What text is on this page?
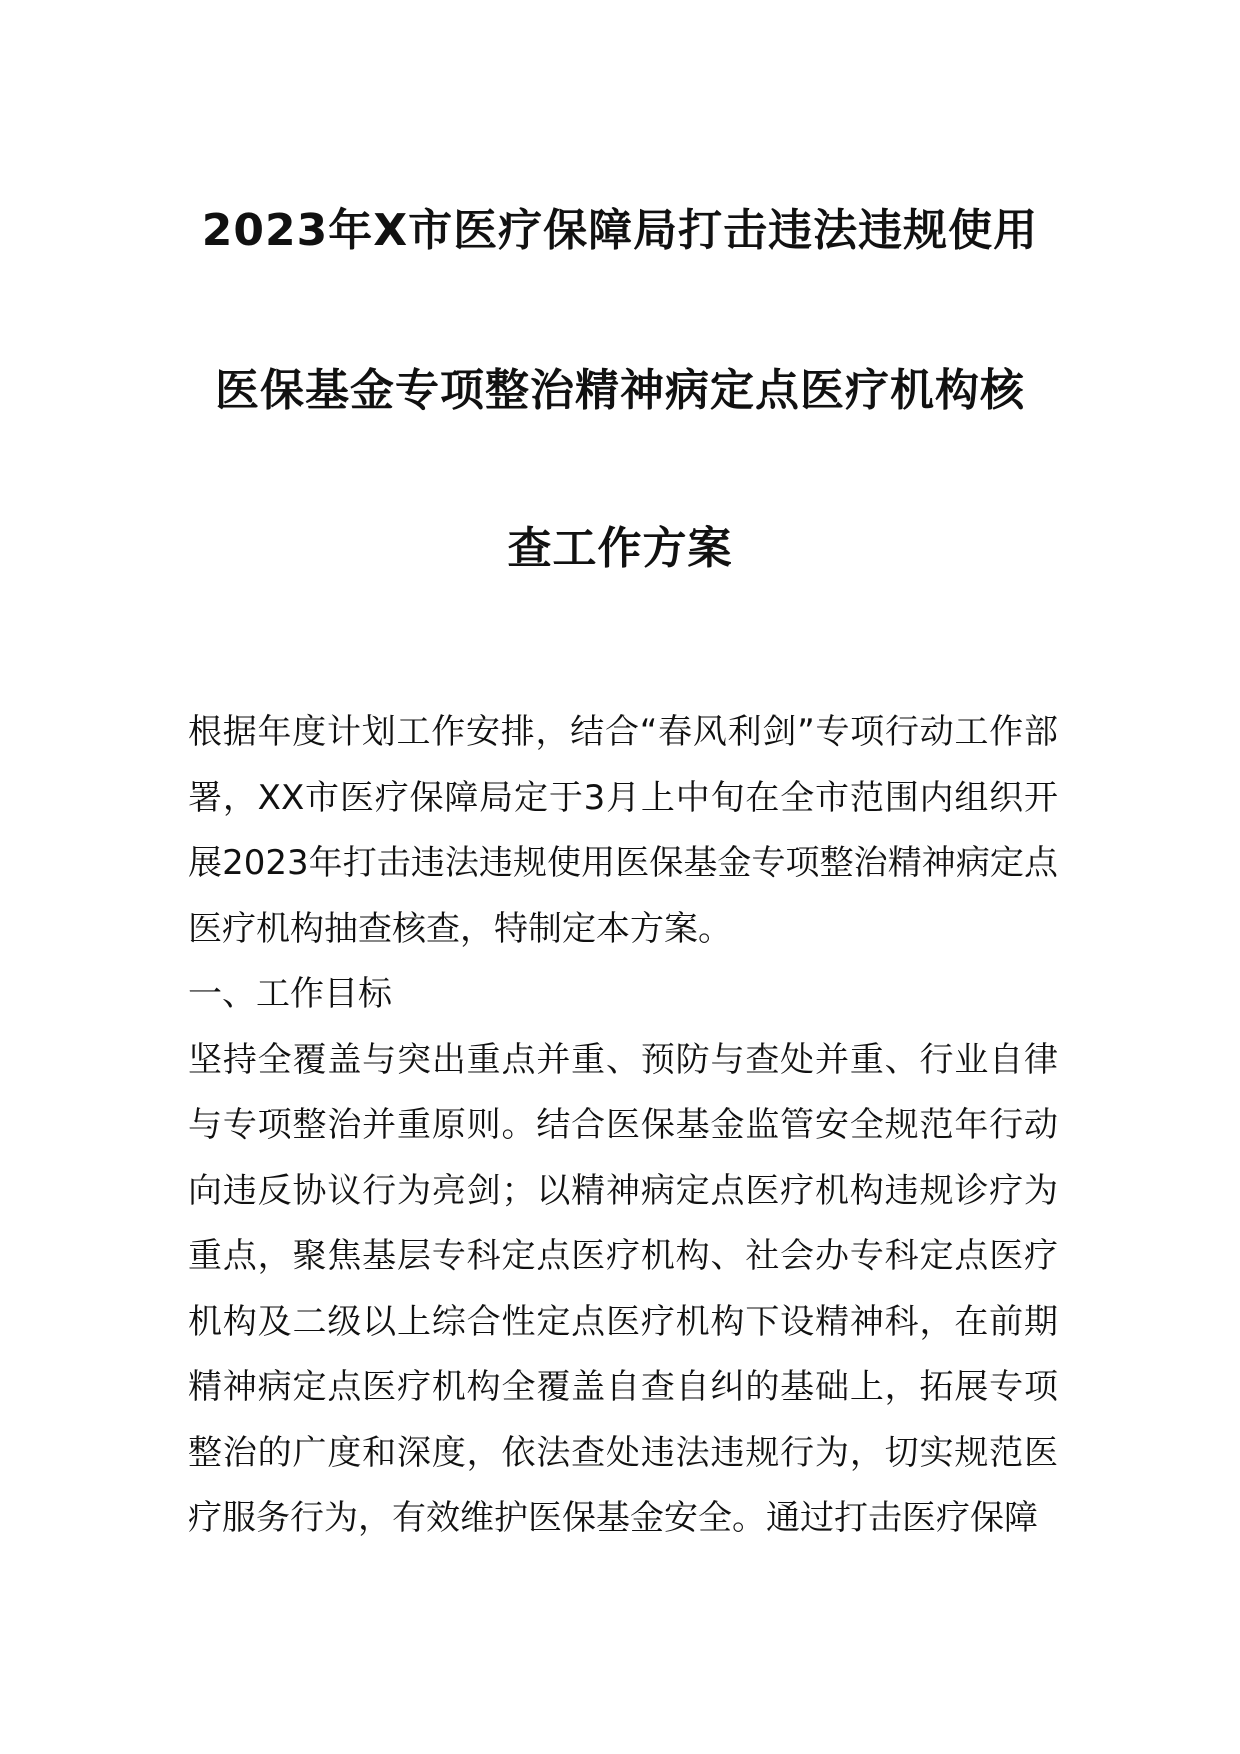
2023年X市医疗保障局打击违法违规使用
医保基金专项整治精神病定点医疗机构核
查工作方案

根据年度计划工作安排，结合“春风利剑”专项行动工作部署，XX市医疗保障局定于3月上中旬在全市范围内组织开展2023年打击违法违规使用医保基金专项整治精神病定点医疗机构抽查核查，特制定本方案。

一、工作目标

坚持全覆盖与突出重点并重、预防与查处并重、行业自律与专项整治并重原则。结合医保基金监管安全规范年行动向违反协议行为亮剑；以精神病定点医疗机构违规诊疗为重点，聚焦基层专科定点医疗机构、社会办专科定点医疗机构及二级以上综合性定点医疗机构下设精神科，在前期精神病定点医疗机构全覆盖自查自纠的基础上，拓展专项整治的广度和深度，依法查处违法违规行为，切实规范医疗服务行为，有效维护医保基金安全。通过打击医疗保障
